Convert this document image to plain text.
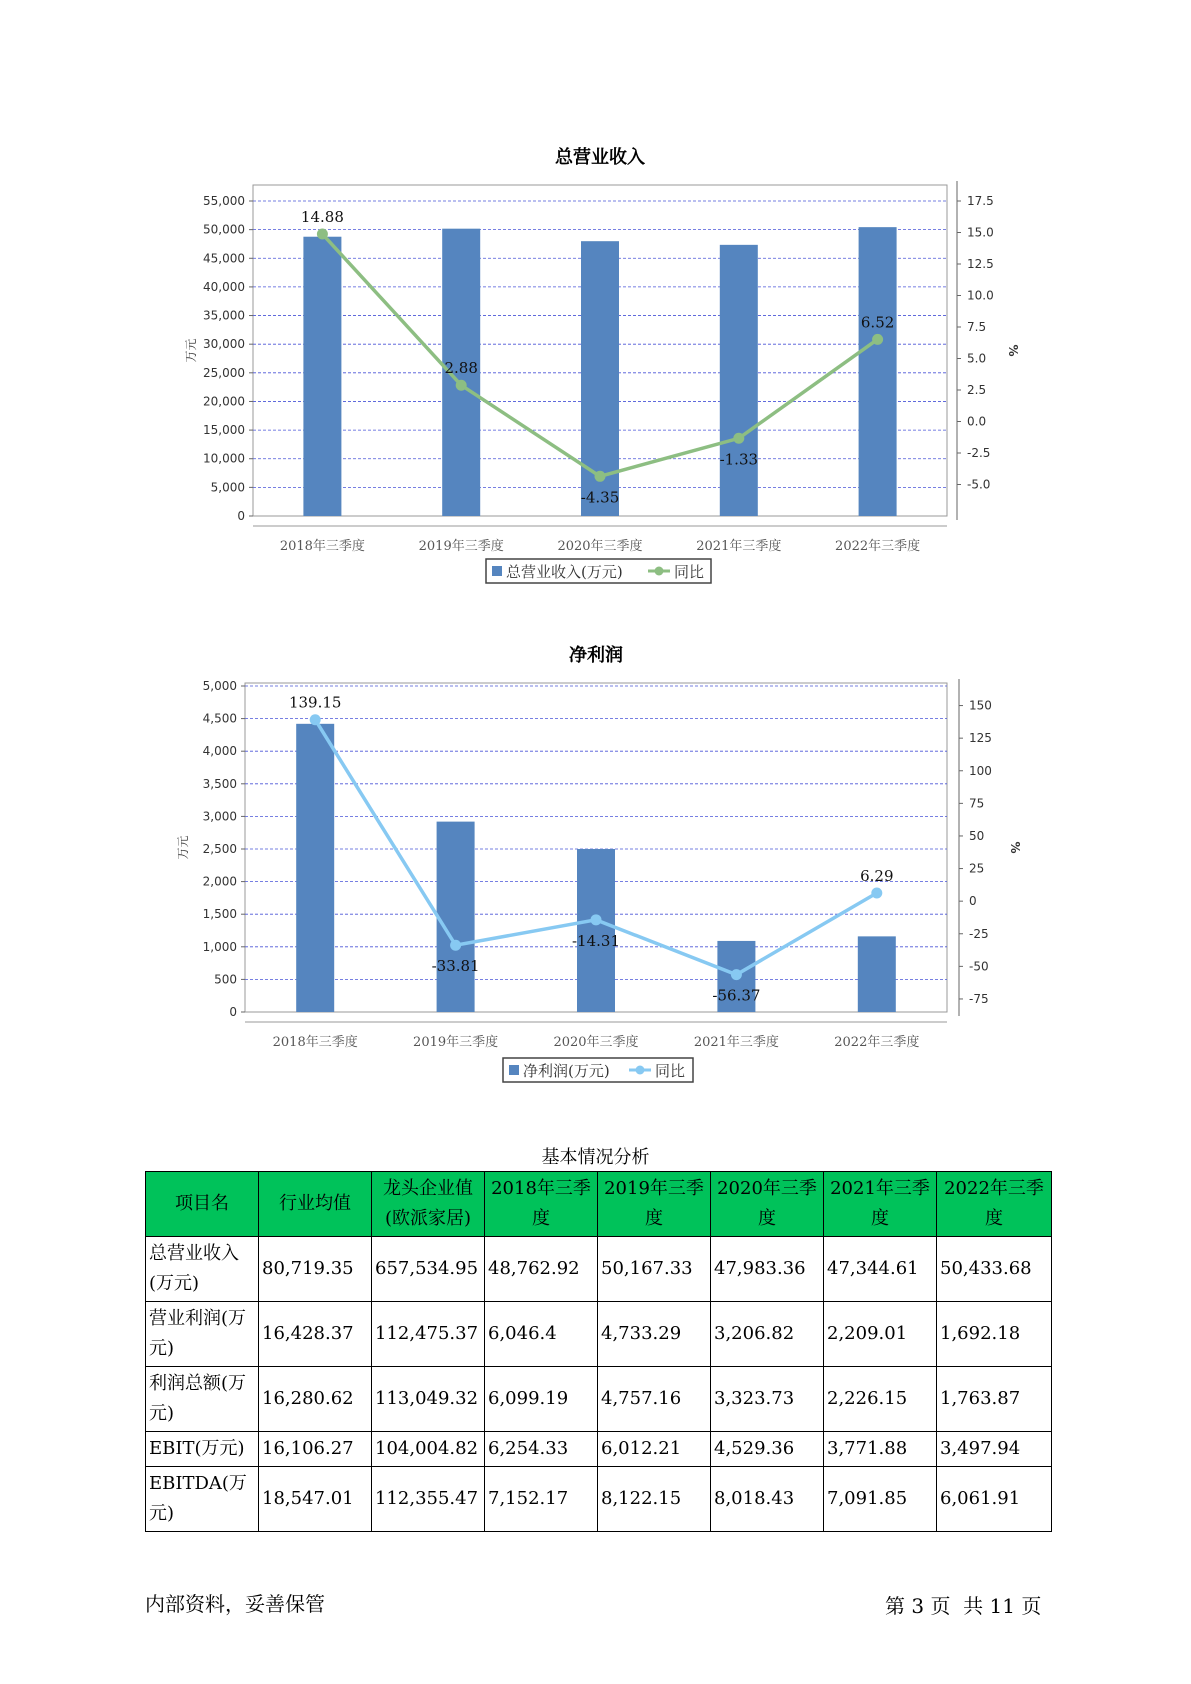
总营业收入
0
5,000
10,000
15,000
20,000
25,000
30,000
35,000
40,000
45,000
50,000
55,000
-5.0
-2.5
0.0
2.5
5.0
7.5
10.0
12.5
15.0
17.5
万元	%
2018年三季度	2019年三季度	2020年三季度	2021年三季度	2022年三季度
14.88
2.88
-4.35
-1.33
6.52
总营业收入(万元)	同比
净利润
0
500
1,000
1,500
2,000
2,500
3,000
3,500
4,000
4,500
5,000
-75
-50
-25
0
25
50
75
100
125
150
万元	%
2018年三季度	2019年三季度	2020年三季度	2021年三季度	2022年三季度
139.15
-33.81
-14.31
-56.37
6.29
净利润(万元)	同比
基本情况分析
项目名	行业均值	龙头企业值(欧派家居)	2018年三季度	2019年三季度	2020年三季度	2021年三季度	2022年三季度
总营业收入(万元)	80,719.35	657,534.95	48,762.92	50,167.33	47,983.36	47,344.61	50,433.68
营业利润(万元)	16,428.37	112,475.37	6,046.4	4,733.29	3,206.82	2,209.01	1,692.18
利润总额(万元)	16,280.62	113,049.32	6,099.19	4,757.16	3,323.73	2,226.15	1,763.87
EBIT(万元)	16,106.27	104,004.82	6,254.33	6,012.21	4,529.36	3,771.88	3,497.94
EBITDA(万元)	18,547.01	112,355.47	7,152.17	8,122.15	8,018.43	7,091.85	6,061.91
内部资料，妥善保管	第 3 页  共 11 页
